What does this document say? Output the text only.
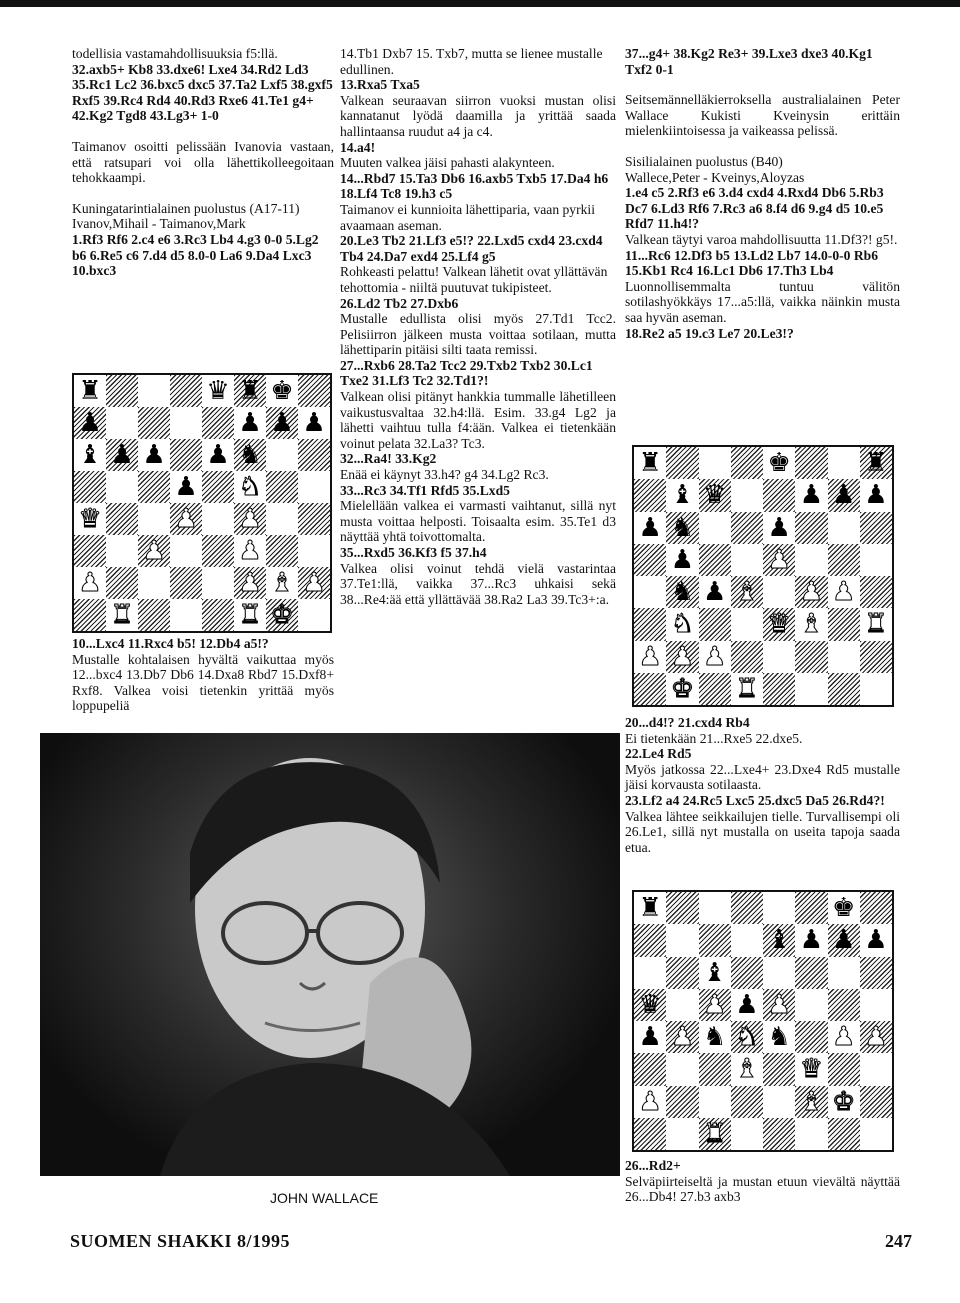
todellisia vastamahdollisuuksia f5:llä.

32.axb5+ Kb8 33.dxe6! Lxe4 34.Rd2 Ld3 35.Rc1 Lc2 36.bxc5 dxc5 37.Ta2 Lxf5 38.gxf5 Rxf5 39.Rc4 Rd4 40.Rd3 Rxe6 41.Te1 g4+ 42.Kg2 Tgd8 43.Lg3+ 1-0

Taimanov osoitti pelissään Ivanovia vastaan, että ratsupari voi olla lähettikolleegoitaan tehokkaampi.

Kuningatarintialainen puolustus (A17-11)

Ivanov,Mihail - Taimanov,Mark

1.Rf3 Rf6 2.c4 e6 3.Rc3 Lb4 4.g3 0-0 5.Lg2 b6 6.Re5 c6 7.d4 d5 8.0-0 La6 9.Da4 Lxc3 10.bxc3

♜	♛ ♜ ♚
♟	♟ ♟ ♟
♝ ♟ ♟ ♟ ♞
♟ ♞
♛	♟ ♟
♟	♟
♟	♟ ♝ ♟
♜	♜ ♚

10...Lxc4 11.Rxc4 b5! 12.Db4 a5!?

Mustalle kohtalaisen hyvältä vaikuttaa myös 12...bxc4 13.Db7 Db6 14.Dxa8 Rbd7 15.Dxf8+ Rxf8. Valkea voisi tietenkin yrittää myös loppupeliä

14.Tb1 Dxb7 15. Txb7, mutta se lienee mustalle edullinen.

13.Rxa5 Txa5

Valkean seuraavan siirron vuoksi mustan olisi kannatanut lyödä daamilla ja yrittää saada hallintaansa ruudut a4 ja c4.

14.a4!

Muuten valkea jäisi pahasti alakynteen.

14...Rbd7 15.Ta3 Db6 16.axb5 Txb5 17.Da4 h6 18.Lf4 Tc8 19.h3 c5

Taimanov ei kunnioita lähettiparia, vaan pyrkii avaamaan aseman.

20.Le3 Tb2 21.Lf3 e5!? 22.Lxd5 cxd4 23.cxd4 Tb4 24.Da7 exd4 25.Lf4 g5

Rohkeasti pelattu! Valkean lähetit ovat yllättävän tehottomia - niiltä puutuvat tukipisteet.

26.Ld2 Tb2 27.Dxb6

Mustalle edullista olisi myös 27.Td1 Tcc2. Pelisiirron jälkeen musta voittaa sotilaan, mutta lähettiparin pitäisi silti taata remissi.

27...Rxb6 28.Ta2 Tcc2 29.Txb2 Txb2 30.Lc1 Txe2 31.Lf3 Tc2 32.Td1?!

Valkean olisi pitänyt hankkia tummalle lähetilleen vaikustusvaltaa 32.h4:llä. Esim. 33.g4 Lg2 ja lähetti vaihtuu tulla f4:ään. Valkea ei tietenkään voinut pelata 32.La3? Tc3.

32...Ra4! 33.Kg2

Enää ei käynyt 33.h4? g4 34.Lg2 Rc3.

33...Rc3 34.Tf1 Rfd5 35.Lxd5

Mielellään valkea ei varmasti vaihtanut, sillä nyt musta voittaa helposti. Toisaalta esim. 35.Te1 d3 näyttää yhtä toivottomalta.

35...Rxd5 36.Kf3 f5 37.h4

Valkea olisi voinut tehdä vielä vastarintaa 37.Te1:llä, vaikka 37...Rc3 uhkaisi sekä 38...Re4:ää että yllättävää 38.Ra2 La3 39.Tc3+:a.

37...g4+ 38.Kg2 Re3+ 39.Lxe3 dxe3 40.Kg1 Txf2 0-1

Seitsemännelläkierroksella australialainen Peter Wallace Kukisti Kveinysin erittäin mielenkiintoisessa ja vaikeassa pelissä.

Sisilialainen puolustus (B40)

Wallece,Peter - Kveinys,Aloyzas

1.e4 c5 2.Rf3 e6 3.d4 cxd4 4.Rxd4 Db6 5.Rb3 Dc7 6.Ld3 Rf6 7.Rc3 a6 8.f4 d6 9.g4 d5 10.e5 Rfd7 11.h4!?

Valkean täytyi varoa mahdollisuutta 11.Df3?! g5!.

11...Rc6 12.Df3 b5 13.Ld2 Lb7 14.0-0-0 Rb6 15.Kb1 Rc4 16.Lc1 Db6 17.Th3 Lb4

Luonnollisemmalta tuntuu välitön sotilashyökkäys 17...a5:llä, vaikka näinkin musta saa hyvän aseman.

18.Re2 a5 19.c3 Le7 20.Le3!?

♜	♚	♜
♝ ♛	♟ ♟ ♟
♟ ♞	♟
♟	♟
♞ ♟ ♝ ♟ ♟
♞	♛ ♝ ♜
♟ ♟ ♟
♚ ♜

20...d4!? 21.cxd4 Rb4

Ei tietenkään 21...Rxe5 22.dxe5.

22.Le4 Rd5

Myös jatkossa 22...Lxe4+ 23.Dxe4 Rd5 mustalle jäisi korvausta sotilaasta.

23.Lf2 a4 24.Rc5 Lxc5 25.dxc5 Da5 26.Rd4?!

Valkea lähtee seikkailujen tielle. Turvallisempi oli 26.Le1, sillä nyt mustalla on useita tapoja saada etua.

♜	♚
♝ ♟ ♟ ♟
♝
♛ ♟ ♟ ♟
♟ ♟ ♞ ♞ ♞ ♟ ♟
♝ ♛
♟	♝ ♚
♜

26...Rd2+

Selväpiirteiseltä ja mustan etuun vievältä näyttää 26...Db4! 27.b3 axb3

JOHN WALLACE
SUOMEN SHAKKI 8/1995	247
